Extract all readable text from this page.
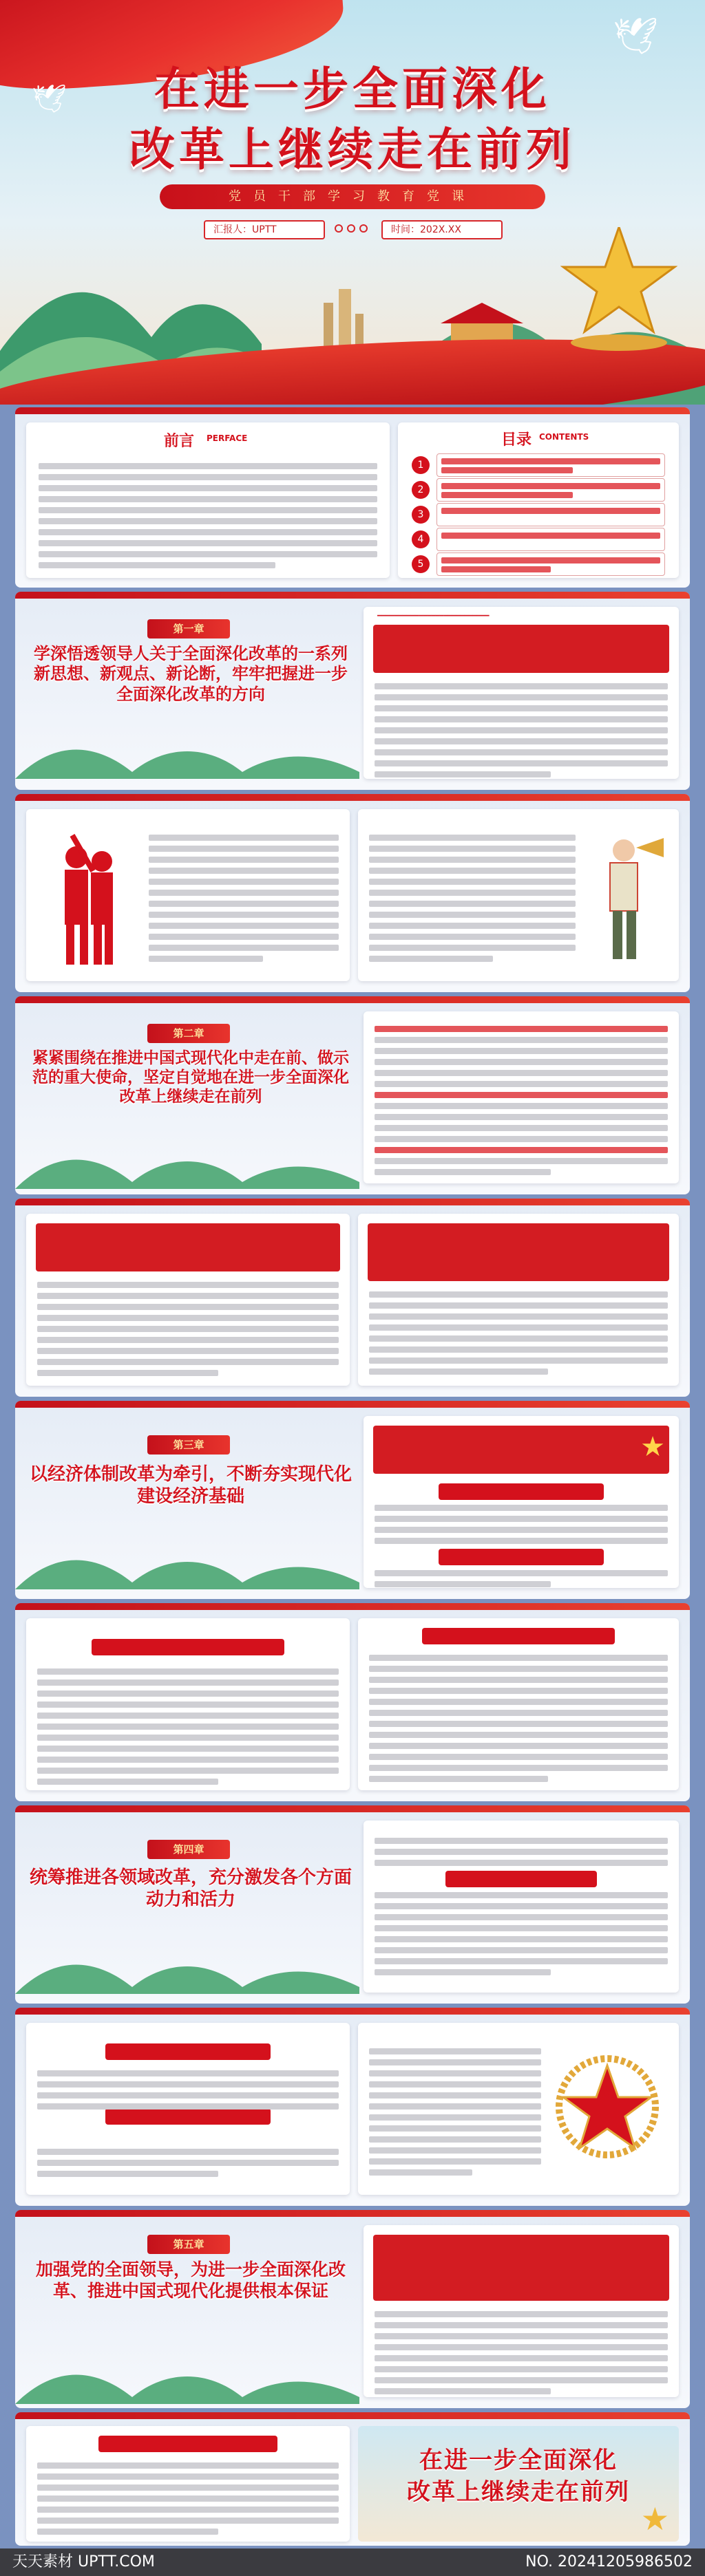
🕊
🕊	在进一步全面深化
改革上继续走在前列
党员干部学习教育党课
汇报人：UPTT	时间：202X.XX
前言 PERFACE	目录 CONTENTS
1
2
3
4
5
第一章
学深悟透领导人关于全面深化改革的一系列新思想、新观点、新论断，牢牢把握进一步全面深化改革的方向
━━━━━━━━━━━━━━━━━━━━━━━━━━━
第二章
紧紧围绕在推进中国式现代化中走在前、做示范的重大使命，坚定自觉地在进一步全面深化改革上继续走在前列
第三章
以经济体制改革为牵引，不断夯实现代化建设经济基础
★
第四章
统筹推进各领域改革，充分激发各个方面动力和活力
第五章
加强党的全面领导，为进一步全面深化改革、推进中国式现代化提供根本保证
在进一步全面深化
改革上继续走在前列
★
天天素材 UPTT.COM	NO. 20241205986502
